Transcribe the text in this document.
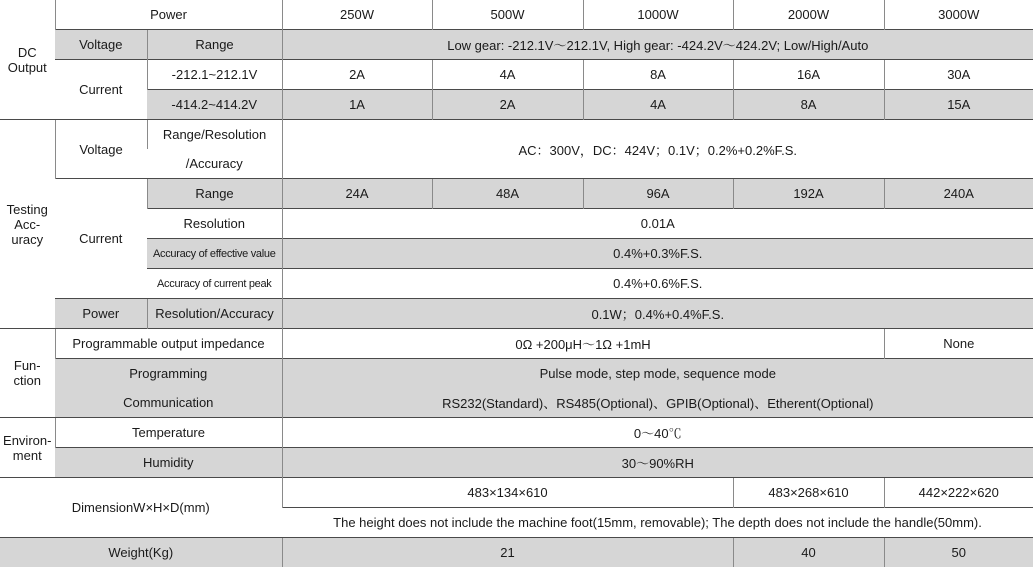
DC Output	Power		250W	500W	1000W	2000W	3000W
	Voltage	Range	Low gear: -212.1V～212.1V, High gear: -424.2V～424.2V; Low/High/Auto				
	Current	-212.1~212.1V	2A	4A	8A	16A	30A
		-414.2~414.2V	1A	2A	4A	8A	15A

Testing Acc-uracy	Voltage	Range/Resolution	AC：300V，DC：424V；0.1V；0.2%+0.2%F.S.				
		/Accuracy					
	Current	Range	24A	48A	96A	192A	240A
		Resolution	0.01A				
		Accuracy of effective value	0.4%+0.3%F.S.				
		Accuracy of current peak	0.4%+0.6%F.S.				
	Power	Resolution/Accuracy	0.1W；0.4%+0.4%F.S.				

Fun-ction	Programmable output impedance		0Ω +200μH～1Ω +1mH				None
	Programming		Pulse mode, step mode, sequence mode				
	Communication		RS232(Standard)、RS485(Optional)、GPIB(Optional)、Etherent(Optional)				

Environ-ment	Temperature		0～40℃				
	Humidity		30～90%RH				
DimensionW×H×D(mm)			483×134×610			483×268×610	442×222×620
			The height does not include the machine foot(15mm, removable); The depth does not include the handle(50mm).				
Weight(Kg)			21			40	50
